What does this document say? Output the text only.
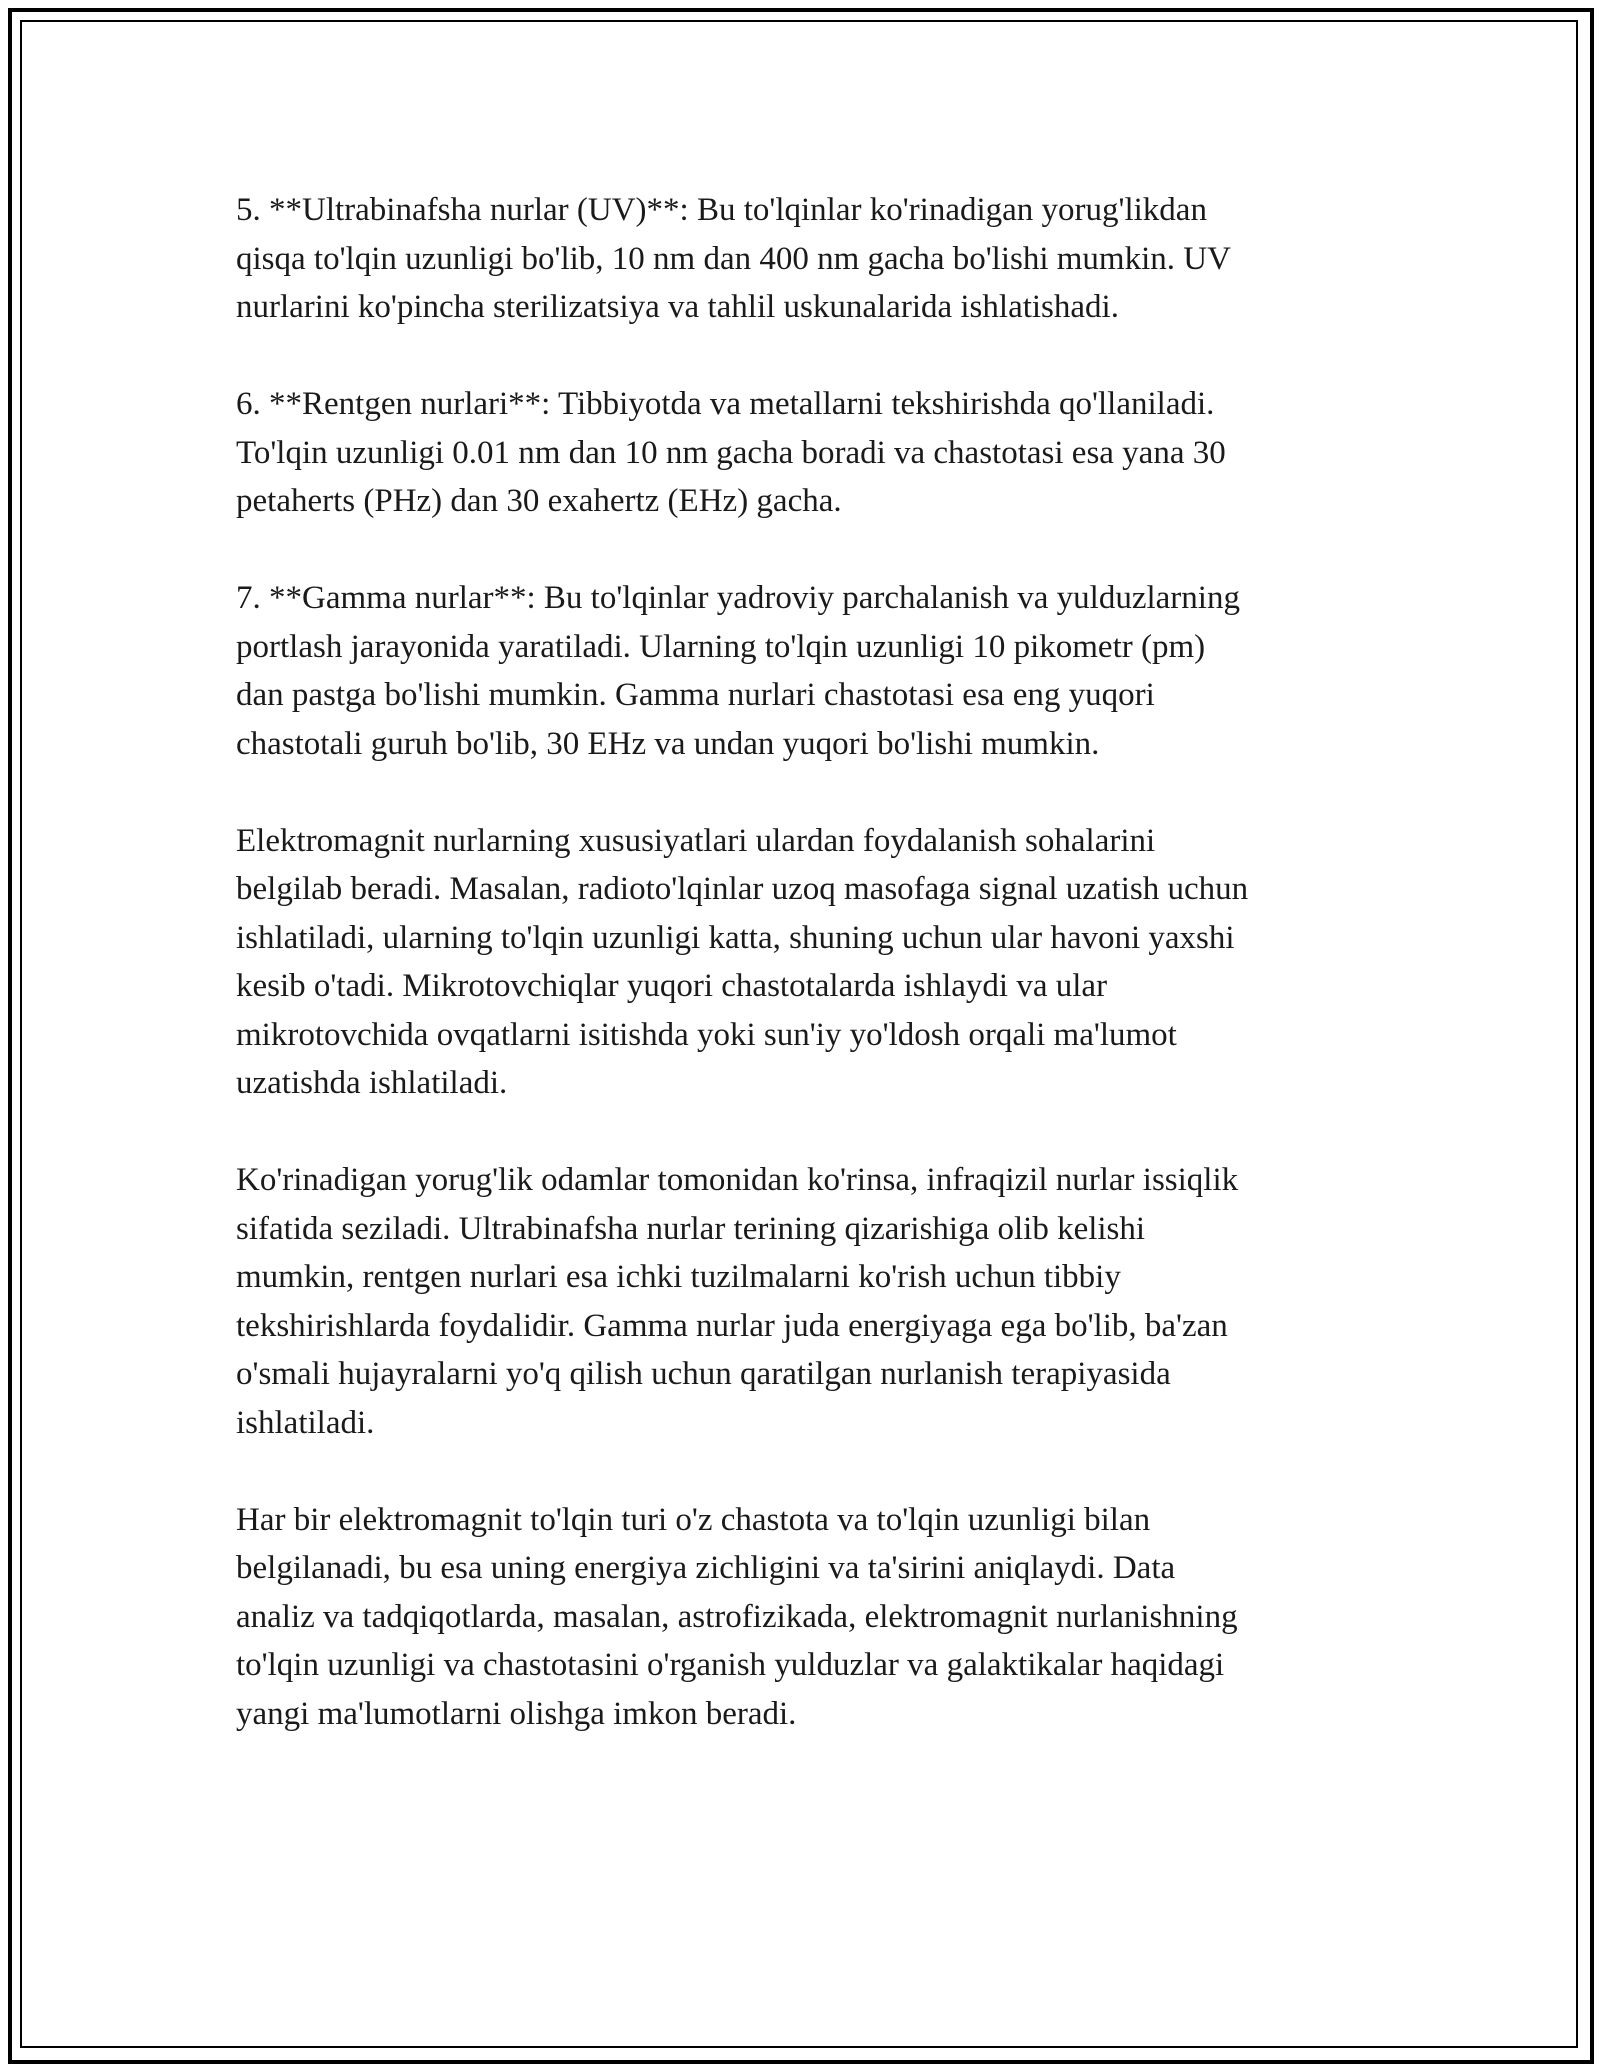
5. **Ultrabinafsha nurlar (UV)**: Bu to'lqinlar ko'rinadigan yorug'likdan
qisqa to'lqin uzunligi bo'lib, 10 nm dan 400 nm gacha bo'lishi mumkin. UV
nurlarini ko'pincha sterilizatsiya va tahlil uskunalarida ishlatishadi.

6. **Rentgen nurlari**: Tibbiyotda va metallarni tekshirishda qo'llaniladi.
To'lqin uzunligi 0.01 nm dan 10 nm gacha boradi va chastotasi esa yana 30
petaherts (PHz) dan 30 exahertz (EHz) gacha.

7. **Gamma nurlar**: Bu to'lqinlar yadroviy parchalanish va yulduzlarning
portlash jarayonida yaratiladi. Ularning to'lqin uzunligi 10 pikometr (pm)
dan pastga bo'lishi mumkin. Gamma nurlari chastotasi esa eng yuqori
chastotali guruh bo'lib, 30 EHz va undan yuqori bo'lishi mumkin.

Elektromagnit nurlarning xususiyatlari ulardan foydalanish sohalarini
belgilab beradi. Masalan, radioto'lqinlar uzoq masofaga signal uzatish uchun
ishlatiladi, ularning to'lqin uzunligi katta, shuning uchun ular havoni yaxshi
kesib o'tadi. Mikrotovchiqlar yuqori chastotalarda ishlaydi va ular
mikrotovchida ovqatlarni isitishda yoki sun'iy yo'ldosh orqali ma'lumot
uzatishda ishlatiladi.

Ko'rinadigan yorug'lik odamlar tomonidan ko'rinsa, infraqizil nurlar issiqlik
sifatida seziladi. Ultrabinafsha nurlar terining qizarishiga olib kelishi
mumkin, rentgen nurlari esa ichki tuzilmalarni ko'rish uchun tibbiy
tekshirishlarda foydalidir. Gamma nurlar juda energiyaga ega bo'lib, ba'zan
o'smali hujayralarni yo'q qilish uchun qaratilgan nurlanish terapiyasida
ishlatiladi.

Har bir elektromagnit to'lqin turi o'z chastota va to'lqin uzunligi bilan
belgilanadi, bu esa uning energiya zichligini va ta'sirini aniqlaydi. Data
analiz va tadqiqotlarda, masalan, astrofizikada, elektromagnit nurlanishning
to'lqin uzunligi va chastotasini o'rganish yulduzlar va galaktikalar haqidagi
yangi ma'lumotlarni olishga imkon beradi.
